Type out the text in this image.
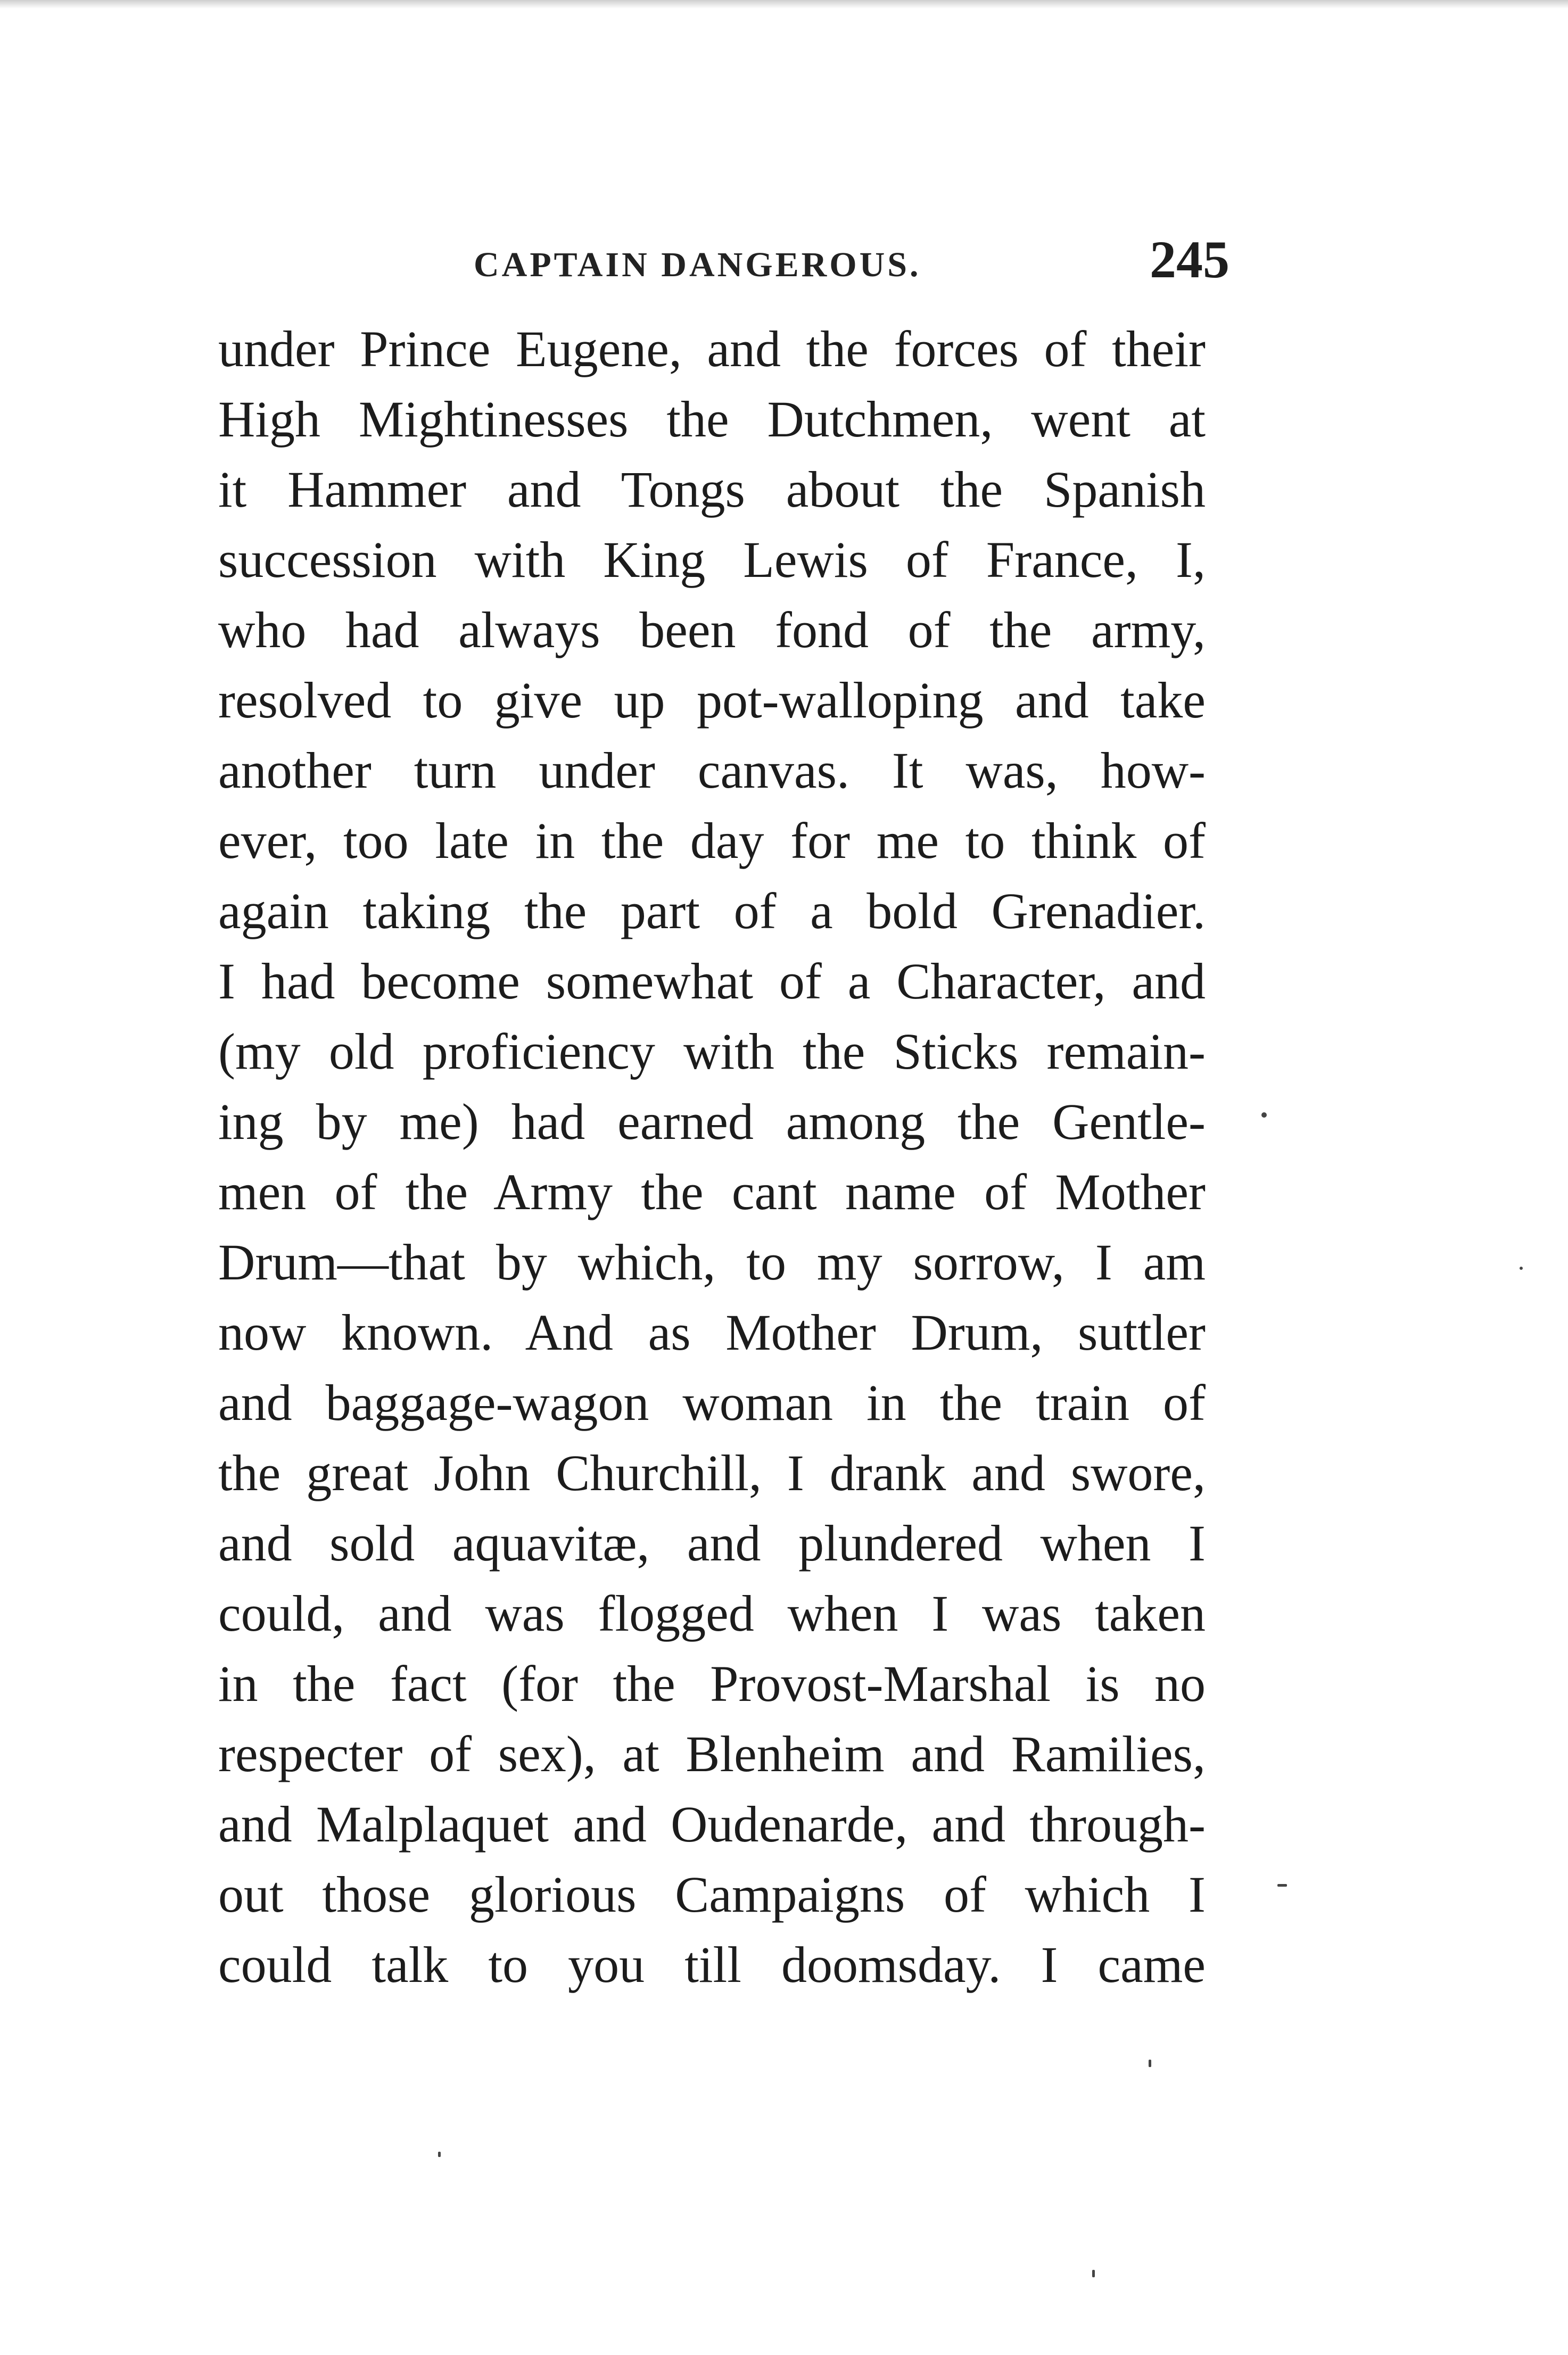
CAPTAIN DANGEROUS.	245
under Prince Eugene, and the forces of their
High Mightinesses the Dutchmen, went at
it Hammer and Tongs about the Spanish
succession with King Lewis of France, I,
who had always been fond of the army,
resolved to give up pot-walloping and take
another turn under canvas. It was, how-
ever, too late in the day for me to think of
again taking the part of a bold Grenadier.
I had become somewhat of a Character, and
(my old proficiency with the Sticks remain-
ing by me) had earned among the Gentle-
men of the Army the cant name of Mother
Drum—that by which, to my sorrow, I am
now known. And as Mother Drum, suttler
and baggage-wagon woman in the train of
the great John Churchill, I drank and swore,
and sold aquavitæ, and plundered when I
could, and was flogged when I was taken
in the fact (for the Provost-Marshal is no
respecter of sex), at Blenheim and Ramilies,
and Malplaquet and Oudenarde, and through-
out those glorious Campaigns of which I
could talk to you till doomsday. I came
